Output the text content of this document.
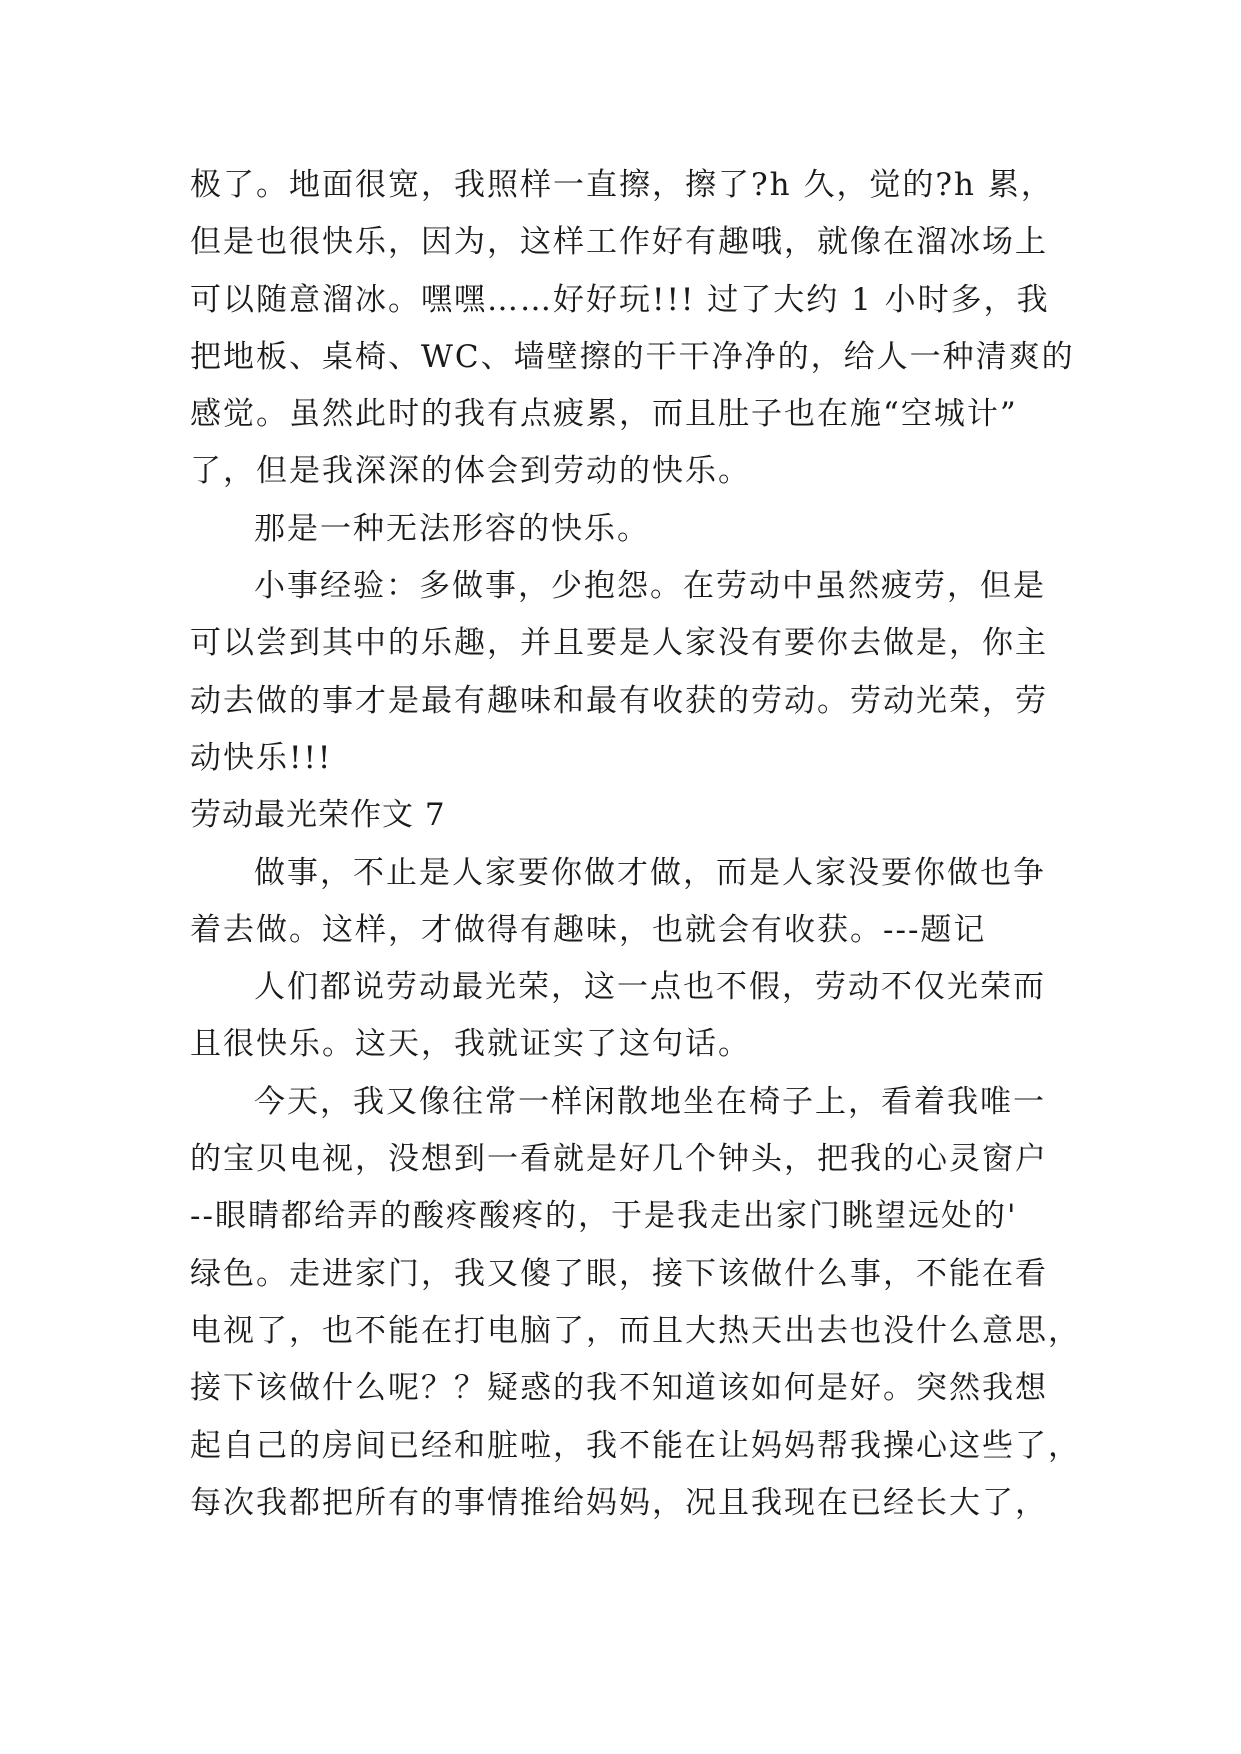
极了。地面很宽，我照样一直擦，擦了?h 久，觉的?h 累，
但是也很快乐，因为，这样工作好有趣哦，就像在溜冰场上
可以随意溜冰。嘿嘿……好好玩!!! 过了大约 1 小时多，我
把地板、桌椅、WC、墙壁擦的干干净净的，给人一种清爽的
感觉。虽然此时的我有点疲累，而且肚子也在施“空城计”
了，但是我深深的体会到劳动的快乐。
那是一种无法形容的快乐。
小事经验：多做事，少抱怨。在劳动中虽然疲劳，但是
可以尝到其中的乐趣，并且要是人家没有要你去做是，你主
动去做的事才是最有趣味和最有收获的劳动。劳动光荣，劳
动快乐!!!
劳动最光荣作文 7
做事，不止是人家要你做才做，而是人家没要你做也争
着去做。这样，才做得有趣味，也就会有收获。---题记
人们都说劳动最光荣，这一点也不假，劳动不仅光荣而
且很快乐。这天，我就证实了这句话。
今天，我又像往常一样闲散地坐在椅子上，看着我唯一
的宝贝电视，没想到一看就是好几个钟头，把我的心灵窗户
--眼睛都给弄的酸疼酸疼的，于是我走出家门眺望远处的'
绿色。走进家门，我又傻了眼，接下该做什么事，不能在看
电视了，也不能在打电脑了，而且大热天出去也没什么意思，
接下该做什么呢？？疑惑的我不知道该如何是好。突然我想
起自己的房间已经和脏啦，我不能在让妈妈帮我操心这些了，
每次我都把所有的事情推给妈妈，况且我现在已经长大了，
